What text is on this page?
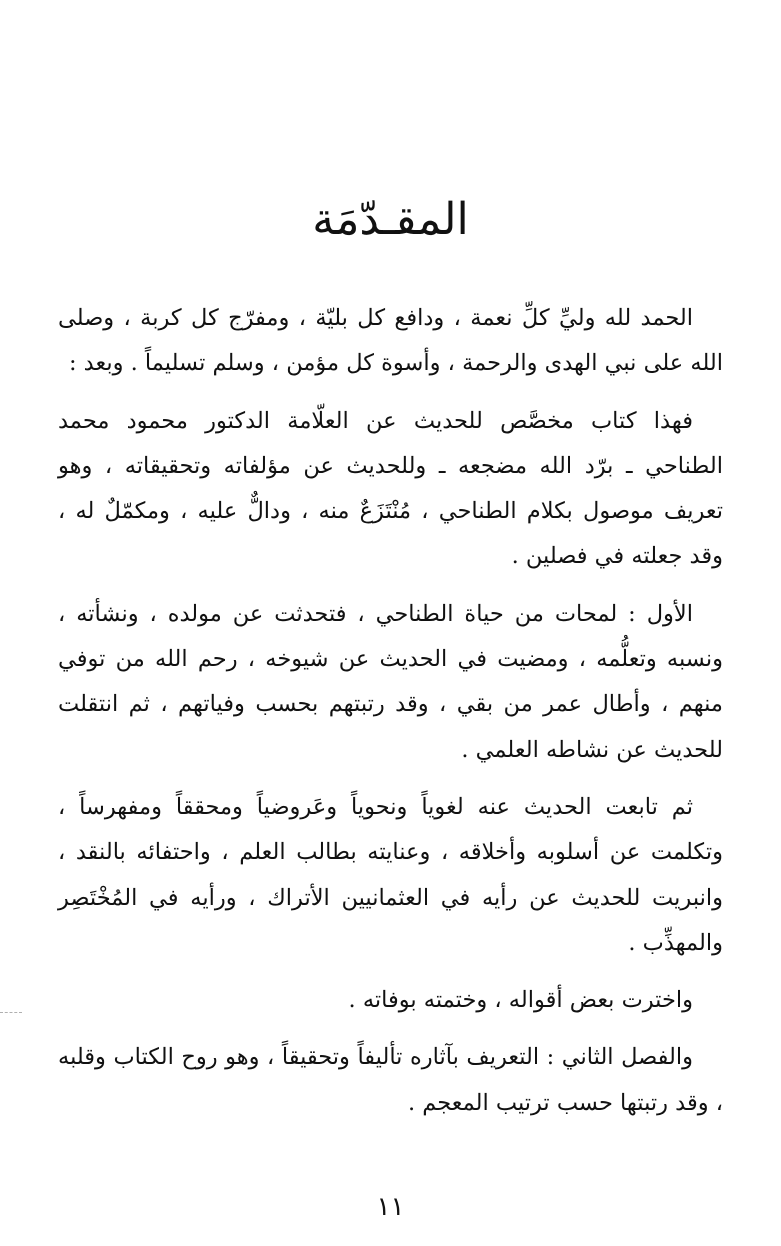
المقـدّمَة

الحمد لله وليِّ كلِّ نعمة ، ودافع كل بليّة ، ومفرّج كل كربة ، وصلى الله على نبي الهدى والرحمة ، وأسوة كل مؤمن ، وسلم تسليماً . وبعد :

فهذا كتاب مخصَّص للحديث عن العلّامة الدكتور محمود محمد الطناحي ـ برّد الله مضجعه ـ وللحديث عن مؤلفاته وتحقيقاته ، وهو تعريف موصول بكلام الطناحي ، مُنْتَزَعٌ منه ، ودالٌّ عليه ، ومكمّلٌ له ، وقد جعلته في فصلين .

الأول : لمحات من حياة الطناحي ، فتحدثت عن مولده ، ونشأته ، ونسبه وتعلُّمه ، ومضيت في الحديث عن شيوخه ، رحم الله من توفي منهم ، وأطال عمر من بقي ، وقد رتبتهم بحسب وفياتهم ، ثم انتقلت للحديث عن نشاطه العلمي .

ثم تابعت الحديث عنه لغوياً ونحوياً وعَروضياً ومحققاً ومفهرساً ، وتكلمت عن أسلوبه وأخلاقه ، وعنايته بطالب العلم ، واحتفائه بالنقد ، وانبريت للحديث عن رأيه في العثمانيين الأتراك ، ورأيه في المُخْتَصِر والمهذِّب .

واخترت بعض أقواله ، وختمته بوفاته .

والفصل الثاني : التعريف بآثاره تأليفاً وتحقيقاً ، وهو روح الكتاب وقلبه ، وقد رتبتها حسب ترتيب المعجم .

١١
